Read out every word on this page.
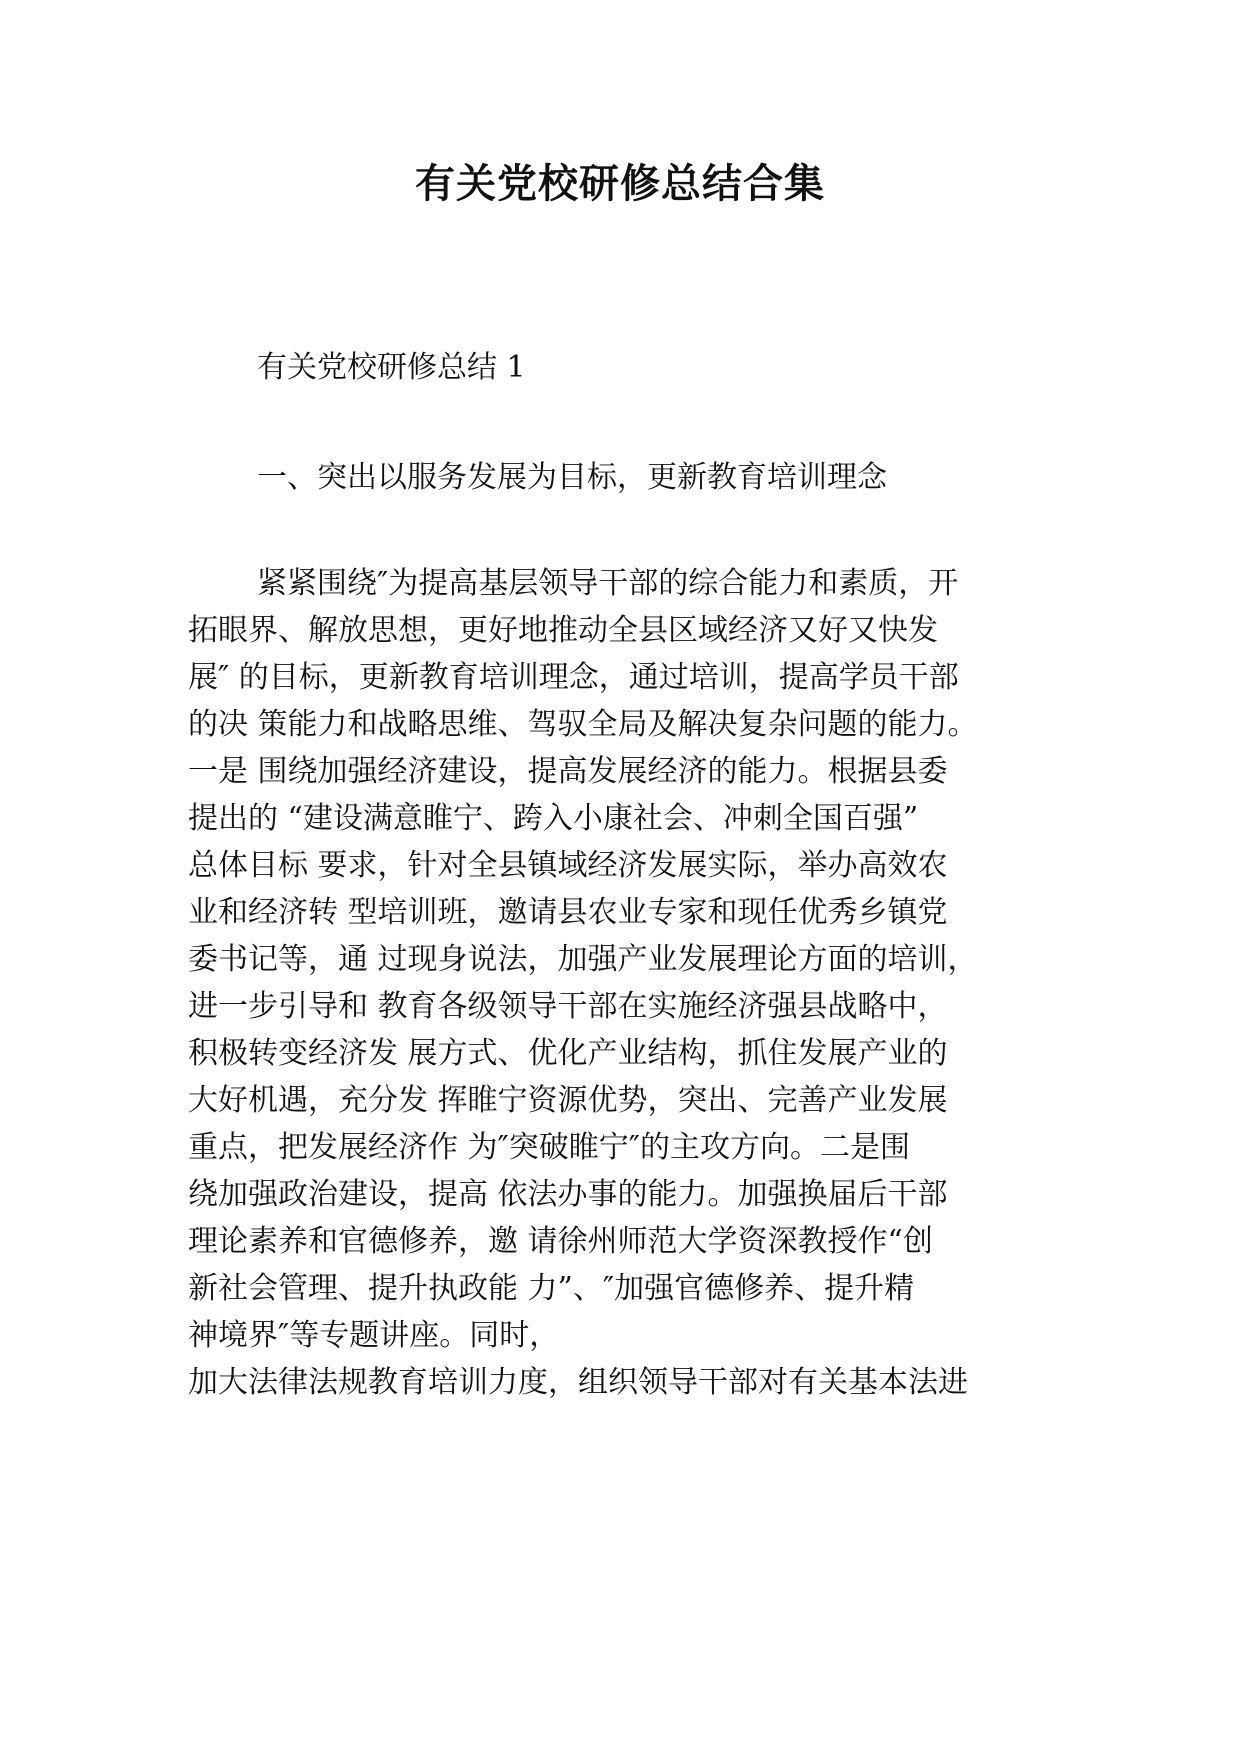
有关党校研修总结合集
有关党校研修总结 1
一、突出以服务发展为目标，更新教育培训理念
紧紧围绕″为提高基层领导干部的综合能力和素质，开
拓眼界、解放思想，更好地推动全县区域经济又好又快发
展″ 的目标，更新教育培训理念，通过培训，提高学员干部
的决 策能力和战略思维、驾驭全局及解决复杂问题的能力。
一是 围绕加强经济建设，提高发展经济的能力。根据县委
提出的 “建设满意睢宁、跨入小康社会、冲刺全国百强”
总体目标 要求，针对全县镇域经济发展实际，举办高效农
业和经济转 型培训班，邀请县农业专家和现任优秀乡镇党
委书记等，通 过现身说法，加强产业发展理论方面的培训，
进一步引导和 教育各级领导干部在实施经济强县战略中，
积极转变经济发 展方式、优化产业结构，抓住发展产业的
大好机遇，充分发 挥睢宁资源优势，突出、完善产业发展
重点，把发展经济作 为″突破睢宁″的主攻方向。二是围
绕加强政治建设，提高 依法办事的能力。加强换届后干部
理论素养和官德修养，邀 请徐州师范大学资深教授作“创
新社会管理、提升执政能 力”、″加强官德修养、提升精
神境界″等专题讲座。同时，
加大法律法规教育培训力度，组织领导干部对有关基本法进
